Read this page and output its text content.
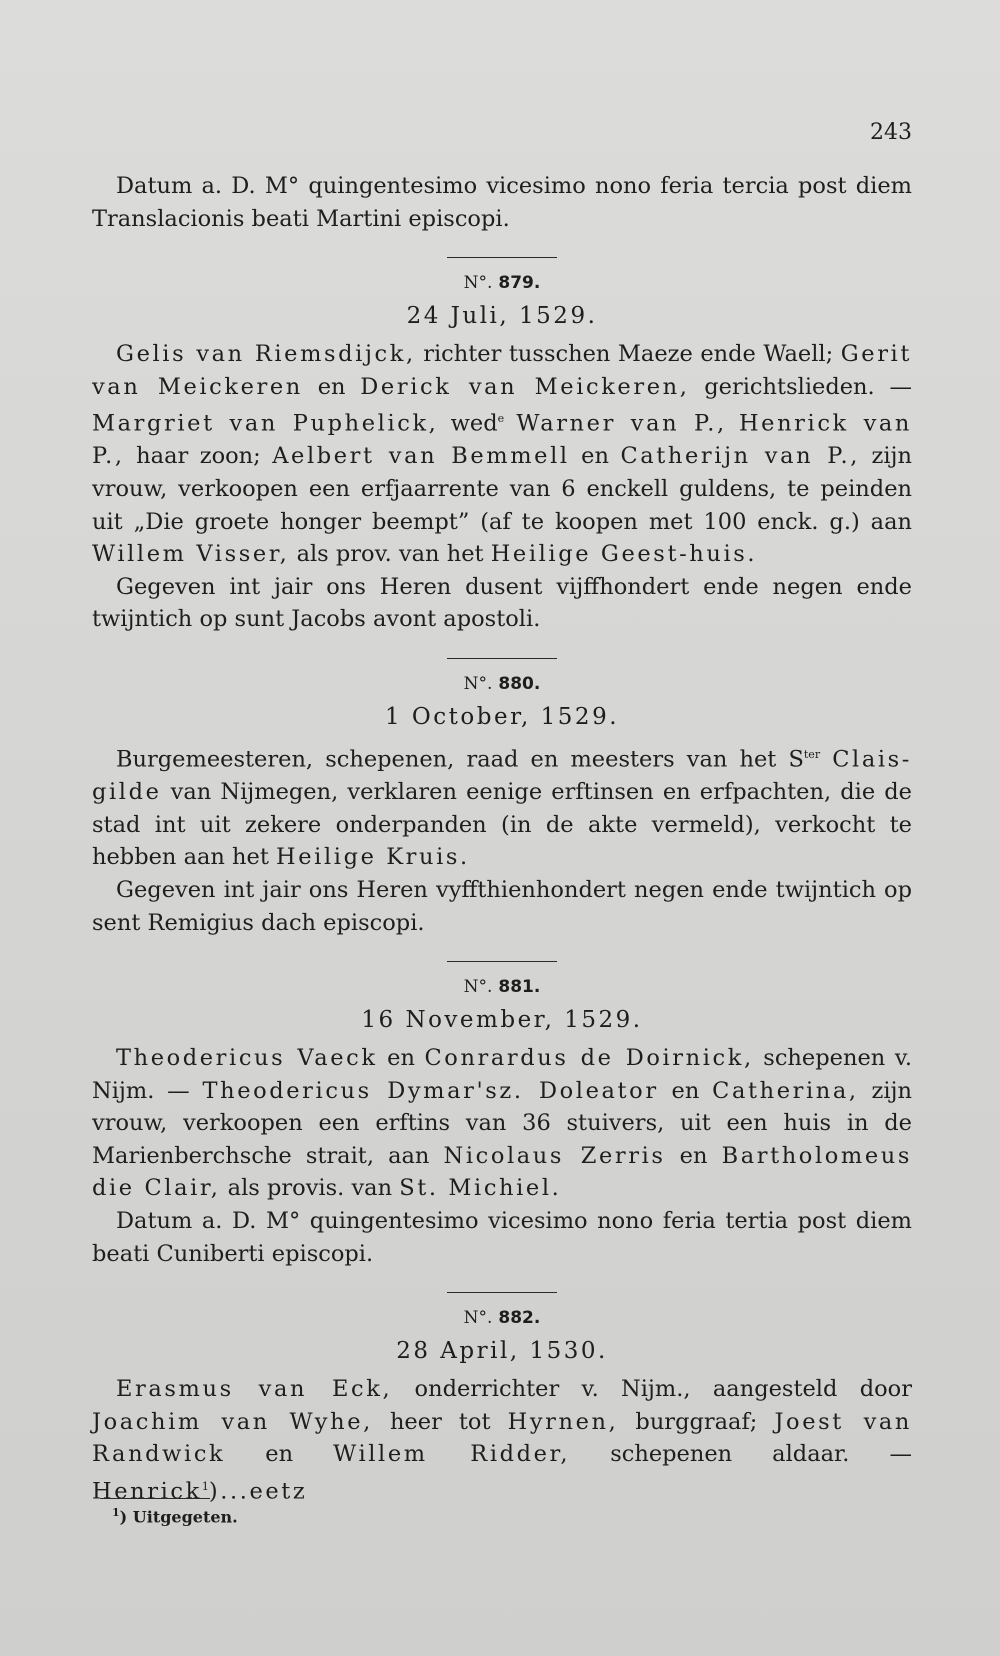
243

Datum a. D. M° quingentesimo vicesimo nono feria tercia post diem Translacionis beati Martini episcopi.

N°. 879.
24 Juli, 1529.

Gelis van Riemsdijck, richter tusschen Maeze ende Waell; Gerit van Meickeren en Derick van Meickeren, gerichtslieden. — Margriet van Puphelick, wed$^e$ Warner van P., Henrick van P., haar zoon; Aelbert van Bemmell en Catherijn van P., zijn vrouw, verkoopen een erfjaarrente van 6 enckell guldens, te peinden uit „Die groete honger beempt” (af te koopen met 100 enck. g.) aan Willem Visser, als prov. van het Heilige Geest-huis.

Gegeven int jair ons Heren dusent vijffhondert ende negen ende twijntich op sunt Jacobs avont apostoli.

N°. 880.
1 October, 1529.

Burgemeesteren, schepenen, raad en meesters van het $S^{ter}$ Clais-gilde van Nijmegen, verklaren eenige erftinsen en erfpachten, die de stad int uit zekere onderpanden (in de akte vermeld), verkocht te hebben aan het Heilige Kruis.

Gegeven int jair ons Heren vyffthienhondert negen ende twijntich op sent Remigius dach episcopi.

N°. 881.
16 November, 1529.

Theodericus Vaeck en Conrardus de Doirnick, schepenen v. Nijm. — Theodericus Dymar'sz. Doleator en Catherina, zijn vrouw, verkoopen een erftins van 36 stuivers, uit een huis in de Marienberchsche strait, aan Nicolaus Zerris en Bartholomeus die Clair, als provis. van St. Michiel.

Datum a. D. M° quingentesimo vicesimo nono feria tertia post diem beati Cuniberti episcopi.

N°. 882.
28 April, 1530.

Erasmus van Eck, onderrichter v. Nijm., aangesteld door Joachim van Wyhe, heer tot Hyrnen, burggraaf; Joest van Randwick en Willem Ridder, schepenen aldaar. — Henrick$^1$)...eetz

$^1$) Uitgegeten.
